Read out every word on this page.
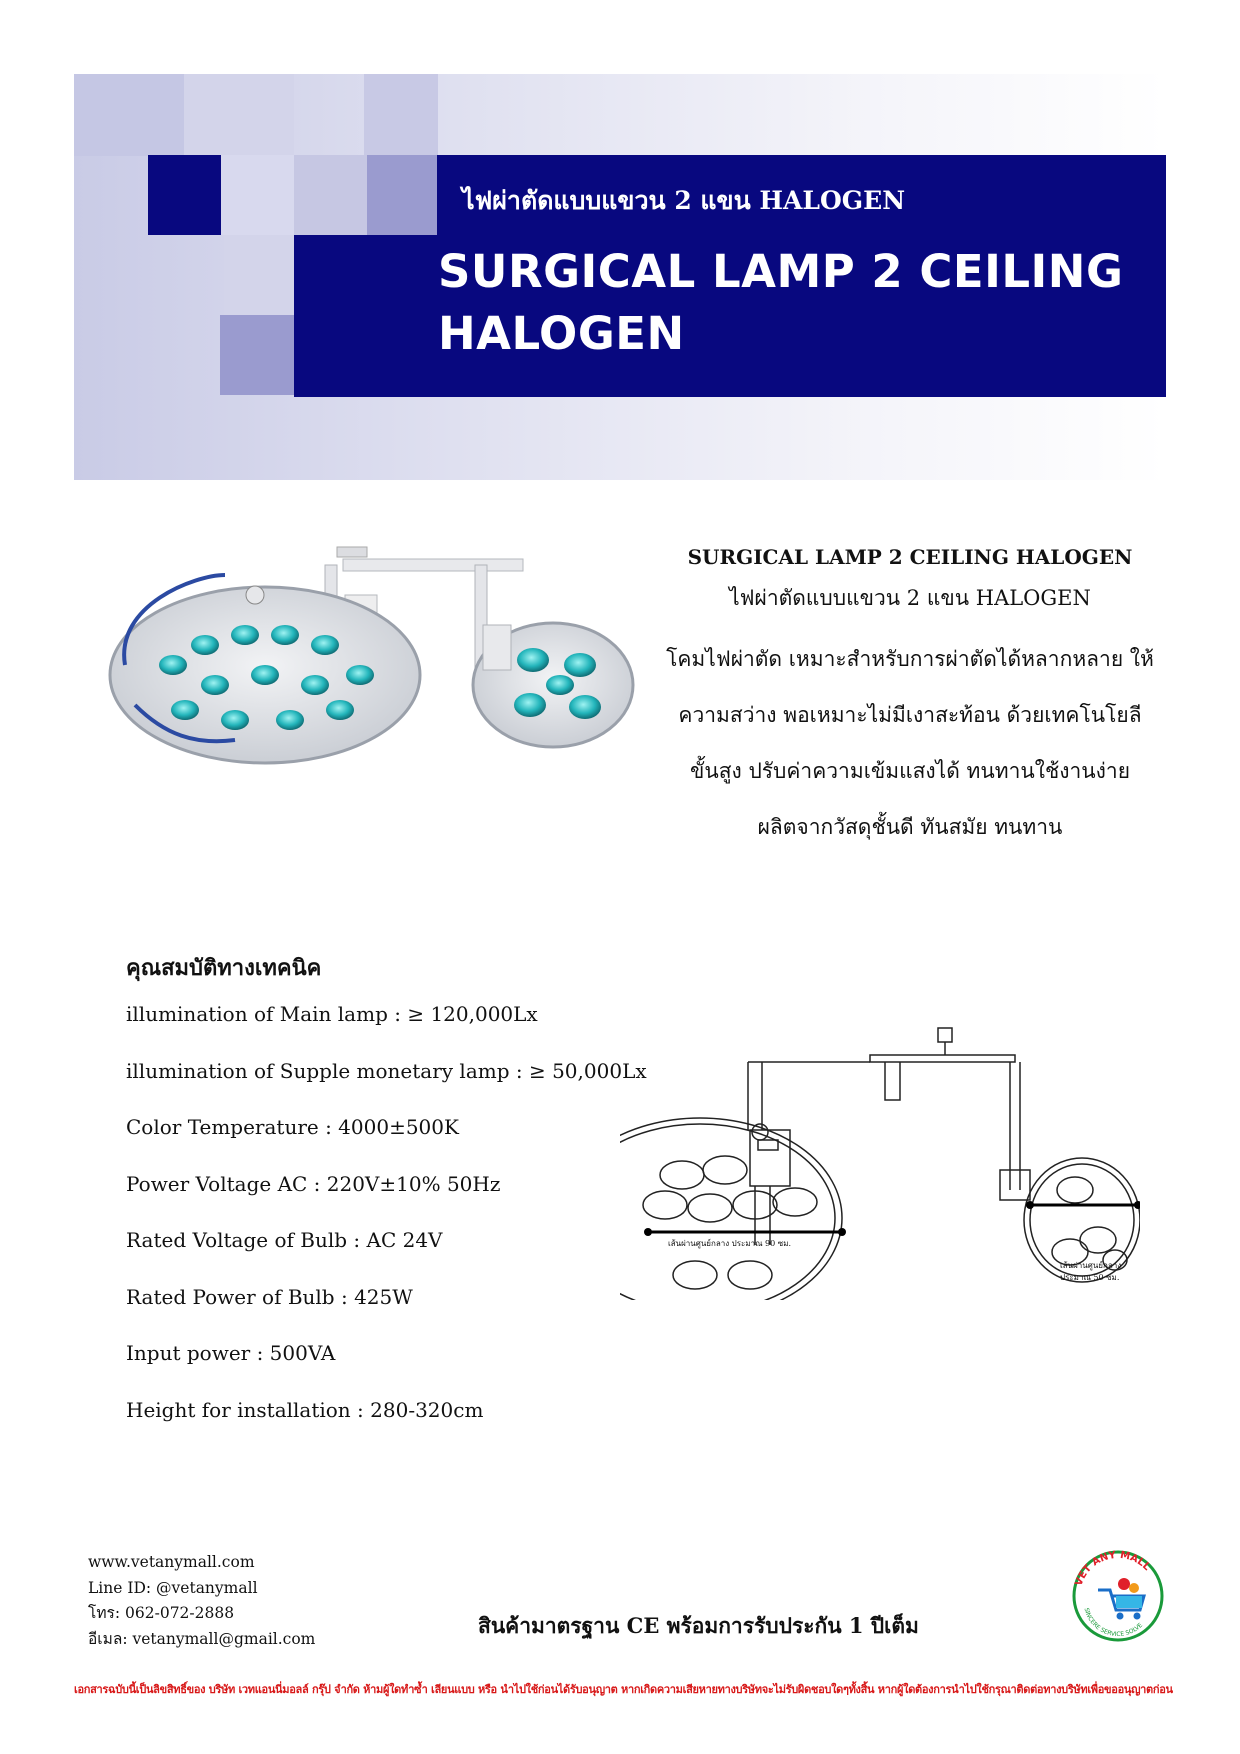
ไฟผ่าตัดแบบแขวน 2 แขน HALOGEN
SURGICAL LAMP 2 CEILING
HALOGEN
SURGICAL LAMP 2 CEILING HALOGEN
ไฟผ่าตัดแบบแขวน 2 แขน HALOGEN
โคมไฟผ่าตัด เหมาะสำหรับการผ่าตัดได้หลากหลาย ให้
ความสว่าง พอเหมาะไม่มีเงาสะท้อน ด้วยเทคโนโยลี
ขั้นสูง ปรับค่าความเข้มแสงได้ ทนทานใช้งานง่าย
ผลิตจากวัสดุชั้นดี ทันสมัย ทนทาน
คุณสมบัติทางเทคนิค
illumination of Main lamp : ≥ 120,000Lx
illumination of Supple monetary lamp : ≥ 50,000Lx
Color Temperature : 4000±500K
Power Voltage AC : 220V±10% 50Hz
Rated Voltage of Bulb : AC 24V
Rated Power of Bulb : 425W
Input power : 500VA
Height for installation : 280-320cm
เส้นผ่านศูนย์กลาง ประมาณ 90 ซม.
เส้นผ่านศูนย์กลาง
ประมาณ 50 ซม.
www.vetanymall.com
Line ID: @vetanymall
โทร: 062-072-2888
อีเมล: vetanymall@gmail.com
สินค้ามาตรฐาน CE พร้อมการรับประกัน 1 ปีเต็ม
VET ANY MALL
SINCERE SERVICE SOLVE
เอกสารฉบับนี้เป็นลิขสิทธิ์ของ บริษัท เวทแอนนี่มอลล์ กรุ๊ป จำกัด ห้ามผู้ใดทำซ้ำ เลียนแบบ หรือ นำไปใช้ก่อนได้รับอนุญาต หากเกิดความเสียหายทางบริษัทจะไม่รับผิดชอบใดๆทั้งสิ้น หากผู้ใดต้องการนำไปใช้กรุณาติดต่อทางบริษัทเพื่อขออนุญาตก่อน
